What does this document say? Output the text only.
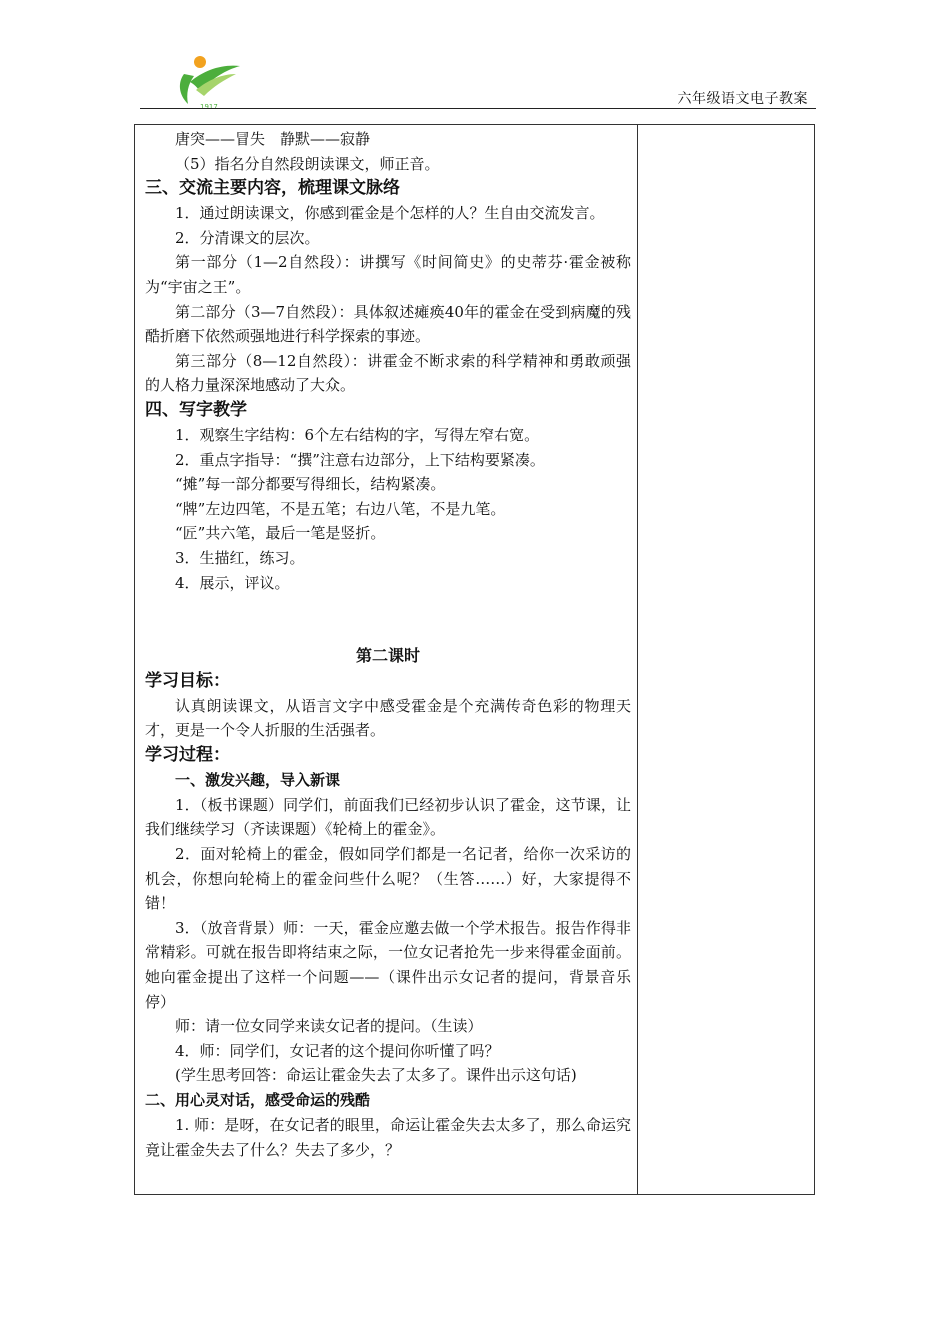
1917	六年级语文电子教案

唐突——冒失　静默——寂静

（5）指名分自然段朗读课文，师正音。

三、交流主要内容，梳理课文脉络

1．通过朗读课文，你感到霍金是个怎样的人？生自由交流发言。

2．分清课文的层次。

第一部分（1—2自然段）：讲撰写《时间简史》的史蒂芬·霍金被称为“宇宙之王”。

第二部分（3—7自然段）：具体叙述瘫痪40年的霍金在受到病魔的残酷折磨下依然顽强地进行科学探索的事迹。

第三部分（8—12自然段）：讲霍金不断求索的科学精神和勇敢顽强的人格力量深深地感动了大众。

四、写字教学

1．观察生字结构：6个左右结构的字，写得左窄右宽。

2．重点字指导：“撰”注意右边部分，上下结构要紧凑。

“摊”每一部分都要写得细长，结构紧凑。

“牌”左边四笔，不是五笔；右边八笔，不是九笔。

“匠”共六笔，最后一笔是竖折。

3．生描红，练习。

4．展示，评议。

第二课时

学习目标：

认真朗读课文，从语言文字中感受霍金是个充满传奇色彩的物理天才，更是一个令人折服的生活强者。

学习过程：

一、激发兴趣，导入新课

1．（板书课题）同学们，前面我们已经初步认识了霍金，这节课，让我们继续学习（齐读课题）《轮椅上的霍金》。

2．面对轮椅上的霍金，假如同学们都是一名记者，给你一次采访的机会，你想向轮椅上的霍金问些什么呢？（生答……）好，大家提得不错！

3．（放音背景）师：一天，霍金应邀去做一个学术报告。报告作得非常精彩。可就在报告即将结束之际，一位女记者抢先一步来得霍金面前。她向霍金提出了这样一个问题——（课件出示女记者的提问，背景音乐停）

师：请一位女同学来读女记者的提问。（生读）

4．师：同学们，女记者的这个提问你听懂了吗？

(学生思考回答：命运让霍金失去了太多了。课件出示这句话)

二、用心灵对话，感受命运的残酷

1. 师：是呀，在女记者的眼里，命运让霍金失去太多了，那么命运究竟让霍金失去了什么？失去了多少，？
